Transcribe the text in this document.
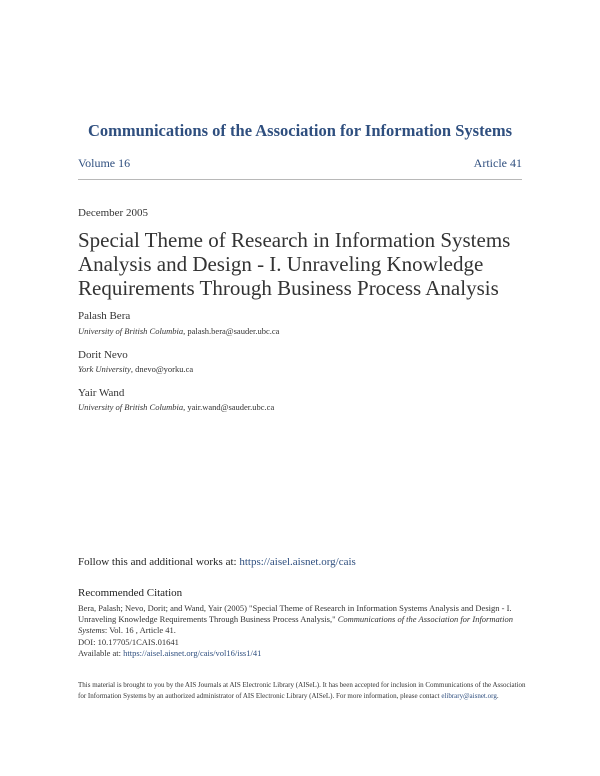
Communications of the Association for Information Systems
Volume 16	Article 41
December 2005
Special Theme of Research in Information Systems Analysis and Design - I. Unraveling Knowledge Requirements Through Business Process Analysis
Palash Bera
University of British Columbia, palash.bera@sauder.ubc.ca
Dorit Nevo
York University, dnevo@yorku.ca
Yair Wand
University of British Columbia, yair.wand@sauder.ubc.ca
Follow this and additional works at: https://aisel.aisnet.org/cais
Recommended Citation
Bera, Palash; Nevo, Dorit; and Wand, Yair (2005) "Special Theme of Research in Information Systems Analysis and Design - I. Unraveling Knowledge Requirements Through Business Process Analysis," Communications of the Association for Information Systems: Vol. 16 , Article 41.
DOI: 10.17705/1CAIS.01641
Available at: https://aisel.aisnet.org/cais/vol16/iss1/41
This material is brought to you by the AIS Journals at AIS Electronic Library (AISeL). It has been accepted for inclusion in Communications of the Association for Information Systems by an authorized administrator of AIS Electronic Library (AISeL). For more information, please contact elibrary@aisnet.org.
